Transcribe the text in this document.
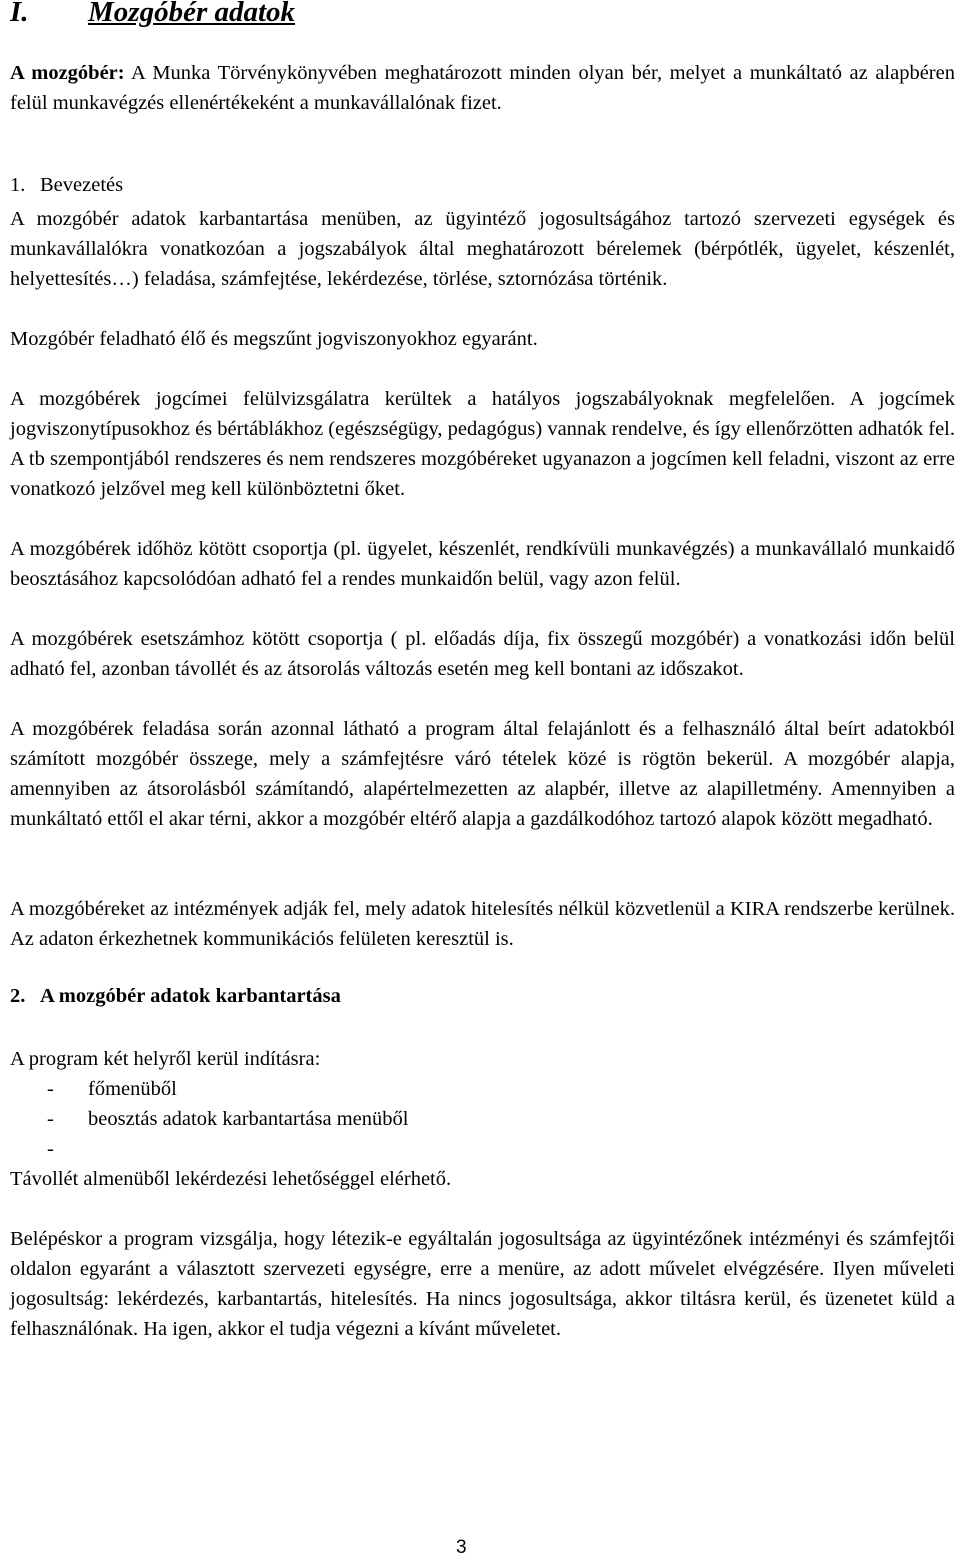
I. Mozgóbér adatok
A mozgóbér: A Munka Törvénykönyvében meghatározott minden olyan bér, melyet a munkáltató az alapbéren felül munkavégzés ellenértékeként a munkavállalónak fizet.
1. Bevezetés
A mozgóbér adatok karbantartása menüben, az ügyintéző jogosultságához tartozó szervezeti egységek és munkavállalókra vonatkozóan a jogszabályok által meghatározott bérelemek (bérpótlék, ügyelet, készenlét, helyettesítés…) feladása, számfejtése, lekérdezése, törlése, sztornózása történik.
Mozgóbér feladható élő és megszűnt jogviszonyokhoz egyaránt.
A mozgóbérek jogcímei felülvizsgálatra kerültek a hatályos jogszabályoknak megfelelően. A jogcímek jogviszonytípusokhoz és bértáblákhoz (egészségügy, pedagógus) vannak rendelve, és így ellenőrzötten adhatók fel. A tb szempontjából rendszeres és nem rendszeres mozgóbéreket ugyanazon a jogcímen kell feladni, viszont az erre vonatkozó jelzővel meg kell különböztetni őket.
A mozgóbérek időhöz kötött csoportja (pl. ügyelet, készenlét, rendkívüli munkavégzés) a munkavállaló munkaidő beosztásához kapcsolódóan adható fel a rendes munkaidőn belül, vagy azon felül.
A mozgóbérek esetszámhoz kötött csoportja ( pl. előadás díja, fix összegű mozgóbér) a vonatkozási időn belül adható fel, azonban távollét és az átsorolás változás esetén meg kell bontani az időszakot.
A mozgóbérek feladása során azonnal látható a program által felajánlott és a felhasználó által beírt adatokból számított mozgóbér összege, mely a számfejtésre váró tételek közé is rögtön bekerül. A mozgóbér alapja, amennyiben az átsorolásból számítandó, alapértelmezetten az alapbér, illetve az alapilletmény. Amennyiben a munkáltató ettől el akar térni, akkor a mozgóbér eltérő alapja a gazdálkodóhoz tartozó alapok között megadható.
A mozgóbéreket az intézmények adják fel, mely adatok hitelesítés nélkül közvetlenül a KIRA rendszerbe kerülnek. Az adaton érkezhetnek kommunikációs felületen keresztül is.
2. A mozgóbér adatok karbantartása
A program két helyről kerül indításra:
- főmenüből
- beosztás adatok karbantartása menüből
-
Távollét almenüből lekérdezési lehetőséggel elérhető.
Belépéskor a program vizsgálja, hogy létezik-e egyáltalán jogosultsága az ügyintézőnek intézményi és számfejtői oldalon egyaránt a választott szervezeti egységre, erre a menüre, az adott művelet elvégzésére. Ilyen műveleti jogosultság: lekérdezés, karbantartás, hitelesítés. Ha nincs jogosultsága, akkor tiltásra kerül, és üzenetet küld a felhasználónak. Ha igen, akkor el tudja végezni a kívánt műveletet.
3
